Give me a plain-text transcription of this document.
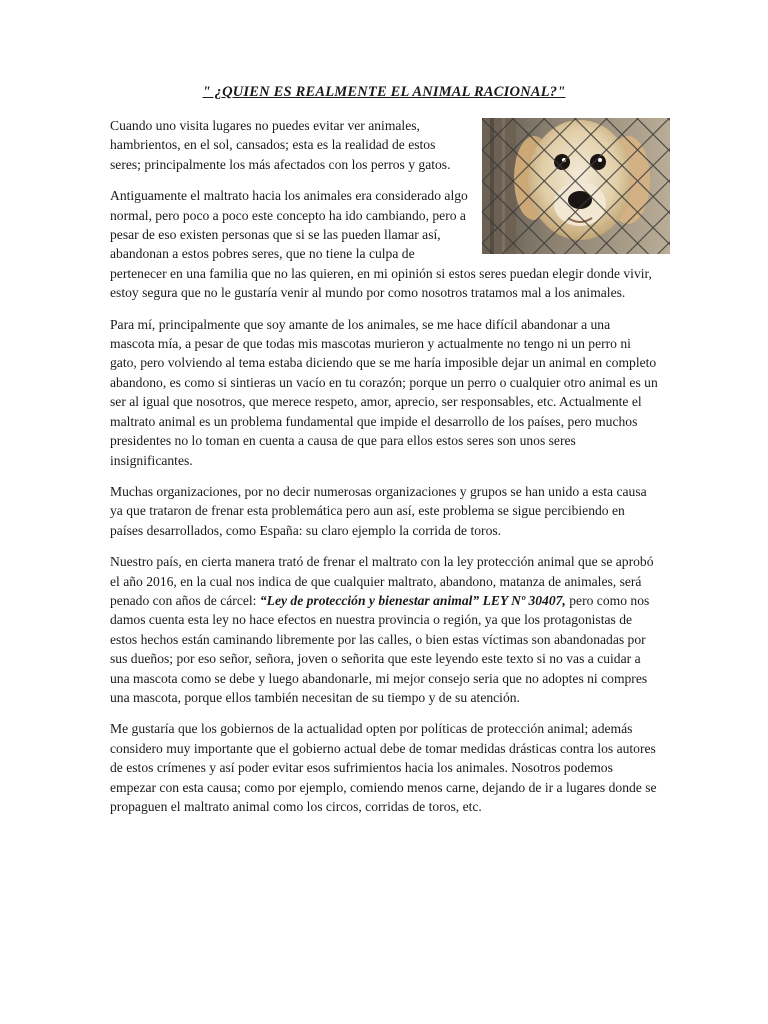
" ¿QUIEN ES REALMENTE EL ANIMAL RACIONAL?"

Cuando uno visita lugares no puedes evitar ver animales, hambrientos, en el sol, cansados; esta es la realidad de estos seres; principalmente los más afectados con los perros y gatos.

Antiguamente el maltrato hacia los animales era considerado algo normal, pero poco a poco este concepto ha ido cambiando, pero a pesar de eso existen personas que si se las pueden llamar así, abandonan a estos pobres seres, que no tiene la culpa de pertenecer en una familia que no las quieren, en mi opinión si estos seres puedan elegir donde vivir, estoy segura que no le gustaría venir al mundo por como nosotros tratamos mal a los animales.

Para mí, principalmente que soy amante de los animales, se me hace difícil abandonar a una mascota mía, a pesar de que todas mis mascotas murieron y actualmente no tengo ni un perro ni gato, pero volviendo al tema estaba diciendo que se me haría imposible dejar un animal en completo abandono, es como si sintieras un vacío en tu corazón; porque un perro o cualquier otro animal es un ser al igual que nosotros, que merece respeto, amor, aprecio, ser responsables, etc. Actualmente el maltrato animal es un problema fundamental que impide el desarrollo de los países, pero muchos presidentes no lo toman en cuenta a causa de que para ellos estos seres son unos seres insignificantes.

Muchas organizaciones, por no decir numerosas organizaciones y grupos se han unido a esta causa ya que trataron de frenar esta problemática pero aun así, este problema se sigue percibiendo en países desarrollados, como España: su claro ejemplo la corrida de toros.

Nuestro país, en cierta manera trató de frenar el maltrato con la ley protección animal que se aprobó el año 2016, en la cual nos indica de que cualquier maltrato, abandono, matanza de animales, será penado con años de cárcel: “Ley de protección y bienestar animal” LEY Nº 30407, pero como nos damos cuenta esta ley no hace efectos en nuestra provincia o región, ya que los protagonistas de estos hechos están caminando libremente por las calles, o bien estas víctimas son abandonadas por sus dueños; por eso señor, señora, joven o señorita que este leyendo este texto si no vas a cuidar a una mascota como se debe y luego abandonarle, mi mejor consejo seria que no adoptes ni compres una mascota, porque ellos también necesitan de su tiempo y de su atención.

Me gustaría que los gobiernos de la actualidad opten por políticas de protección animal; además considero muy importante que el gobierno actual debe de tomar medidas drásticas contra los autores de estos crímenes y así poder evitar esos sufrimientos hacia los animales. Nosotros podemos empezar con esta causa; como por ejemplo, comiendo menos carne, dejando de ir a lugares donde se propaguen el maltrato animal como los circos, corridas de toros, etc.
